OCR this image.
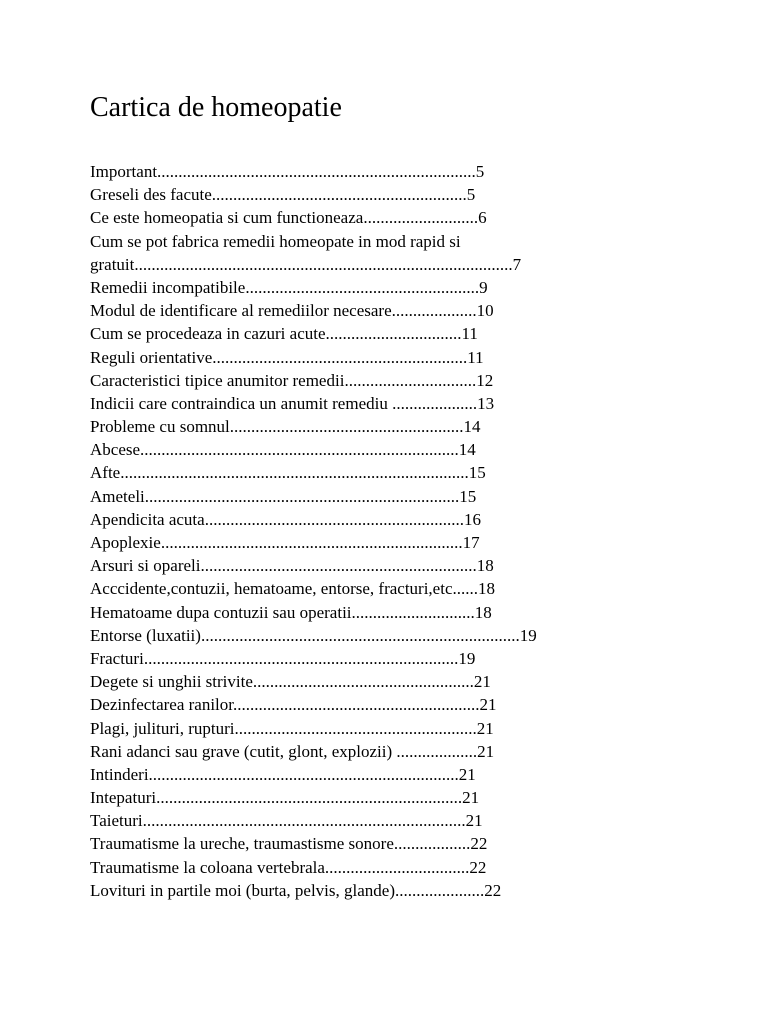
Cartica de homeopatie
Important...........................................................................5
Greseli des facute............................................................5
Ce este homeopatia si cum functioneaza...........................6
Cum se pot fabrica remedii homeopate in mod rapid si
gratuit.........................................................................................7
Remedii incompatibile.......................................................9
Modul de identificare al remediilor necesare....................10
Cum se procedeaza in cazuri acute................................11
Reguli orientative............................................................11
Caracteristici tipice anumitor remedii...............................12
Indicii care contraindica un anumit remediu ....................13
Probleme cu somnul.......................................................14
Abcese...........................................................................14
Afte..................................................................................15
Ameteli..........................................................................15
Apendicita acuta.............................................................16
Apoplexie.......................................................................17
Arsuri si opareli.................................................................18
Acccidente,contuzii, hematoame, entorse, fracturi,etc......18
Hematoame dupa contuzii sau operatii.............................18
Entorse (luxatii)...........................................................................19
Fracturi..........................................................................19
Degete si unghii strivite....................................................21
Dezinfectarea ranilor..........................................................21
Plagi, julituri, rupturi.........................................................21
Rani adanci sau grave (cutit, glont, explozii) ...................21
Intinderi.........................................................................21
Intepaturi........................................................................21
Taieturi............................................................................21
Traumatisme la ureche, traumastisme sonore..................22
Traumatisme la coloana vertebrala..................................22
Lovituri in partile moi (burta, pelvis, glande).....................22
